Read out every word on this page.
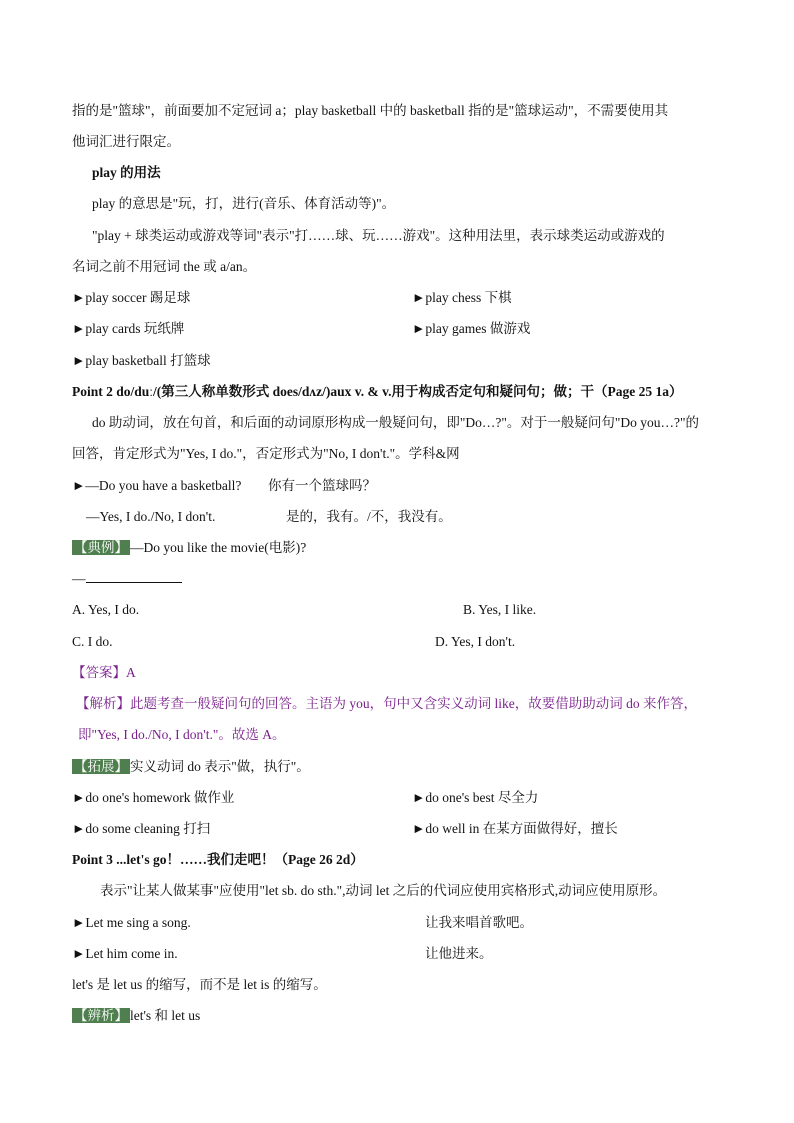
指的是"篮球"，前面要加不定冠词 a；play basketball 中的 basketball 指的是"篮球运动"，不需要使用其
他词汇进行限定。
play 的用法
play 的意思是"玩，打，进行(音乐、体育活动等)"。
"play + 球类运动或游戏等词"表示"打……球、玩……游戏"。这种用法里，表示球类运动或游戏的
名词之前不用冠词 the 或 a/an。
►play soccer 踢足球	►play chess 下棋
►play cards 玩纸牌	►play games 做游戏
►play basketball 打篮球
Point 2 do/duː/(第三人称单数形式 does/dʌz/)aux v. & v.用于构成否定句和疑问句；做；干（Page 25 1a）
do 助动词，放在句首，和后面的动词原形构成一般疑问句，即"Do…?"。对于一般疑问句"Do you…?"的
回答，肯定形式为"Yes, I do."，否定形式为"No, I don't."。学科&网
►—Do you have a basketball? 你有一个篮球吗？
—Yes, I do./No, I don't.	是的，我有。/不，我没有。
【典例】 —Do you like the movie(电影)?
—
A. Yes, I do.	B. Yes, I like.
C. I do.	D. Yes, I don't.
【答案】A
【解析】此题考查一般疑问句的回答。主语为 you，句中又含实义动词 like，故要借助助动词 do 来作答，
即"Yes, I do./No, I don't."。故选 A。
【拓展】 实义动词 do 表示"做，执行"。
►do one's homework 做作业	►do one's best 尽全力
►do some cleaning 打扫	►do well in 在某方面做得好，擅长
Point 3 ...let's go！……我们走吧！（Page 26 2d）
表示"让某人做某事"应使用"let sb. do sth.",动词 let 之后的代词应使用宾格形式,动词应使用原形。
►Let me sing a song.	让我来唱首歌吧。
►Let him come in.	让他进来。
let's 是 let us 的缩写，而不是 let is 的缩写。
【辨析】 let's 和 let us
